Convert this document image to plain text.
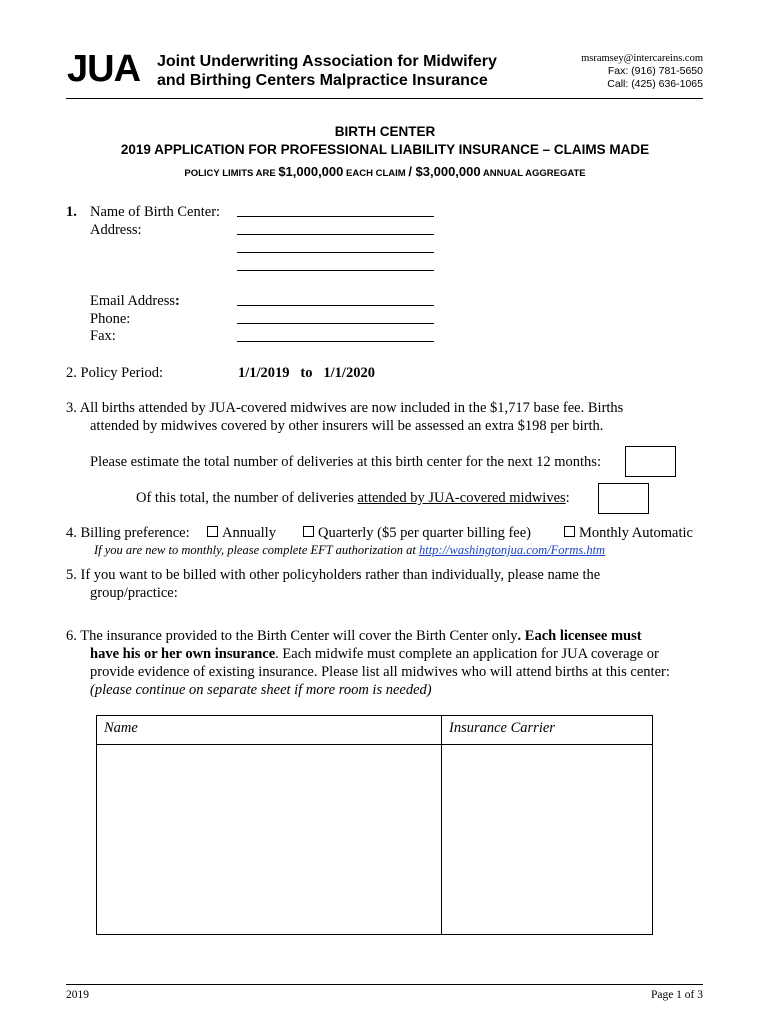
JUA Joint Underwriting Association for Midwifery
and Birthing Centers Malpractice Insurance
msramsey@intercareins.com
Fax: (916) 781-5650
Call: (425) 636-1065
BIRTH CENTER
2019 APPLICATION FOR PROFESSIONAL LIABILITY INSURANCE – CLAIMS MADE
POLICY LIMITS ARE $1,000,000 EACH CLAIM / $3,000,000 ANNUAL AGGREGATE
1. Name of Birth Center:
Address:
Email Address:
Phone:
Fax:
2. Policy Period:	1/1/2019   to   1/1/2020
3. All births attended by JUA-covered midwives are now included in the $1,717 base fee. Births
attended by midwives covered by other insurers will be assessed an extra $198 per birth.
Please estimate the total number of deliveries at this birth center for the next 12 months:
Of this total, the number of deliveries attended by JUA-covered midwives:
4. Billing preference:	Annually	Quarterly ($5 per quarter billing fee)	Monthly Automatic
If you are new to monthly, please complete EFT authorization at http://washingtonjua.com/Forms.htm
5. If you want to be billed with other policyholders rather than individually, please name the
group/practice:
6. The insurance provided to the Birth Center will cover the Birth Center only. Each licensee must
have his or her own insurance. Each midwife must complete an application for JUA coverage or
provide evidence of existing insurance. Please list all midwives who will attend births at this center:
(please continue on separate sheet if more room is needed)
Name	Insurance Carrier

2019	Page 1 of 3
